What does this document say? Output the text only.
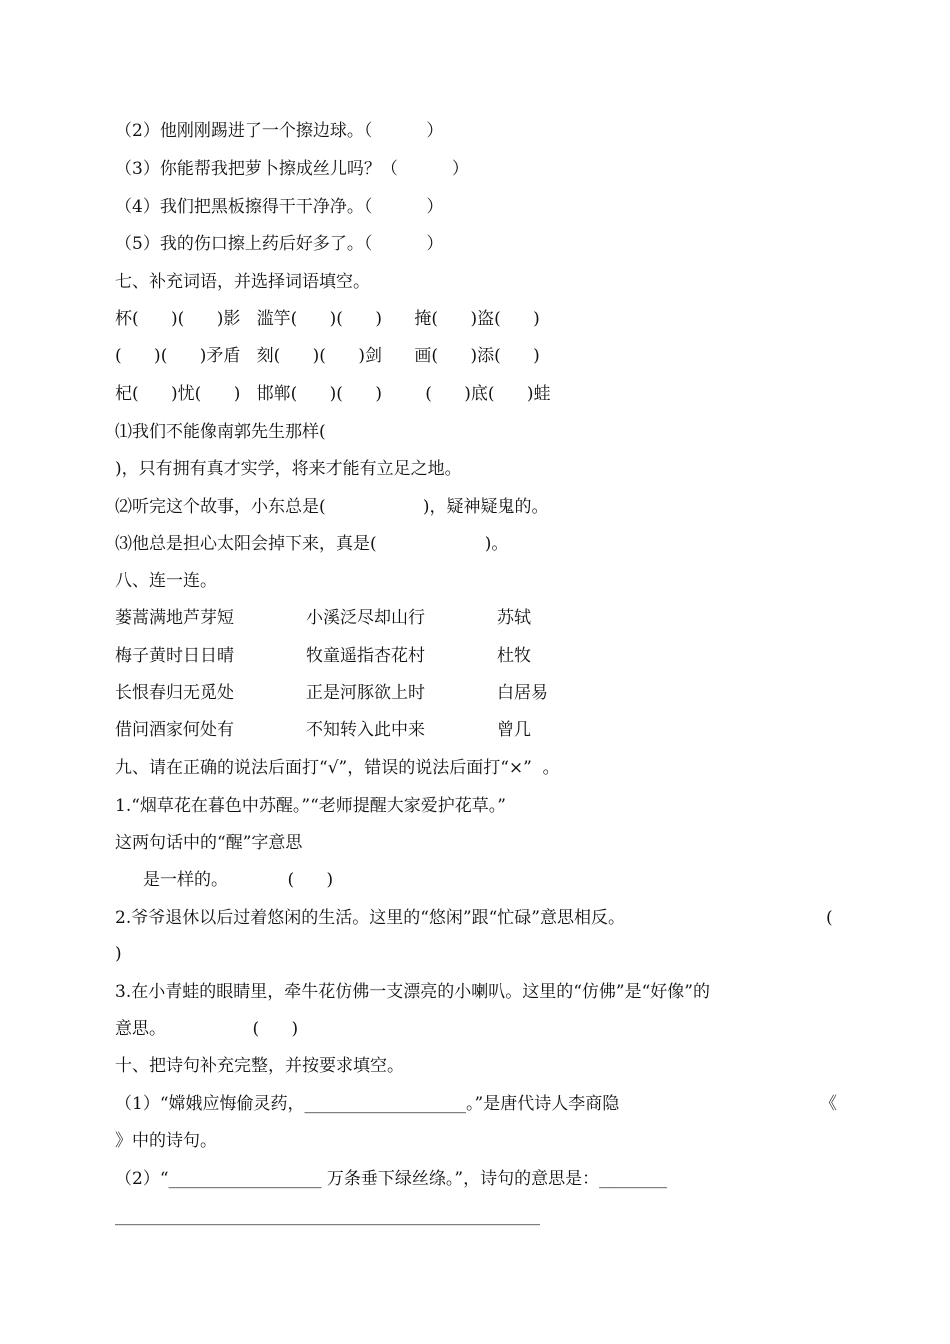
（2）他刚刚踢进了一个擦边球。（          ）
（3）你能帮我把萝卜擦成丝儿吗？（          ）
（4）我们把黑板擦得干干净净。（          ）
（5）我的伤口擦上药后好多了。（          ）
七、补充词语，并选择词语填空。
杯(      )(      )影   滥竽(      )(      )      掩(      )盗(      )
(      )(      )矛盾   刻(      )(      )剑      画(      )添(      )
杞(      )忧(      )   邯郸(      )(      )        (      )底(      )蛙
⑴我们不能像南郭先生那样(
)，只有拥有真才实学，将来才能有立足之地。
⑵听完这个故事，小东总是(                  )，疑神疑鬼的。
⑶他总是担心太阳会掉下来，真是(                    )。
八、连一连。
蒌蒿满地芦芽短	小溪泛尽却山行	苏轼
梅子黄时日日晴	牧童遥指杏花村	杜牧
长恨春归无觅处	正是河豚欲上时	白居易
借问酒家何处有	不知转入此中来	曾几
九、请在正确的说法后面打“√”，错误的说法后面打“×”  。
1.“烟草花在暮色中苏醒。”“老师提醒大家爱护花草。”
这两句话中的“醒”字意思
是一样的。           (      )
2.爷爷退休以后过着悠闲的生活。这里的“悠闲”跟“忙碌”意思相反。	(
)
3.在小青蛙的眼睛里，牵牛花仿佛一支漂亮的小喇叭。这里的“仿佛”是“好像”的
意思。                (      )
十、把诗句补充完整，并按要求填空。
（1）“嫦娥应悔偷灵药，___________________。”是唐代诗人李商隐	《
》中的诗句。
（2）“__________________ 万条垂下绿丝绦。”，诗句的意思是：________
__________________________________________________
